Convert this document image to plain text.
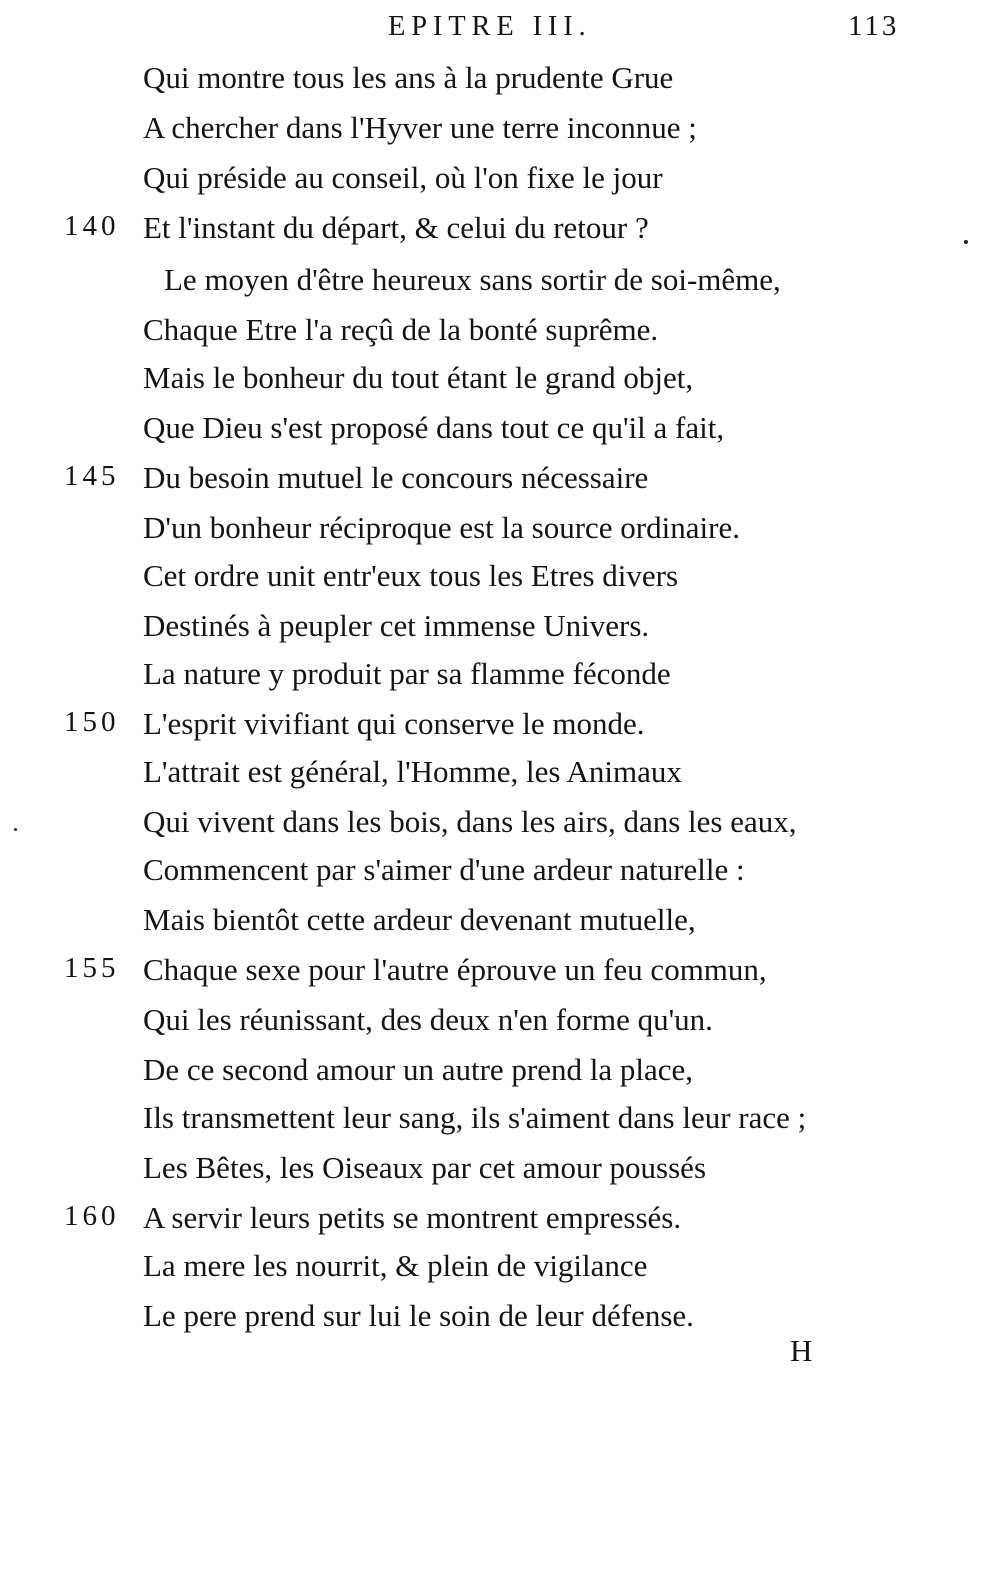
EPITRE III.	113
Qui montre tous les ans à la prudente Grue
A chercher dans l'Hyver une terre inconnue ;
Qui préside au conseil, où l'on fixe le jour
140 Et l'instant du départ, & celui du retour ?
Le moyen d'être heureux sans sortir de soi-même,
Chaque Etre l'a reçû de la bonté suprême.
Mais le bonheur du tout étant le grand objet,
Que Dieu s'est proposé dans tout ce qu'il a fait,
145 Du besoin mutuel le concours nécessaire
D'un bonheur réciproque est la source ordinaire.
Cet ordre unit entr'eux tous les Etres divers
Destinés à peupler cet immense Univers.
La nature y produit par sa flamme féconde
150 L'esprit vivifiant qui conserve le monde.
L'attrait est général, l'Homme, les Animaux
Qui vivent dans les bois, dans les airs, dans les eaux,
Commencent par s'aimer d'une ardeur naturelle :
Mais bientôt cette ardeur devenant mutuelle,
155 Chaque sexe pour l'autre éprouve un feu commun,
Qui les réunissant, des deux n'en forme qu'un.
De ce second amour un autre prend la place,
Ils transmettent leur sang, ils s'aiment dans leur race ;
Les Bêtes, les Oiseaux par cet amour poussés
160 A servir leurs petits se montrent empressés.
La mere les nourrit, & plein de vigilance
Le pere prend sur lui le soin de leur défense.
H
